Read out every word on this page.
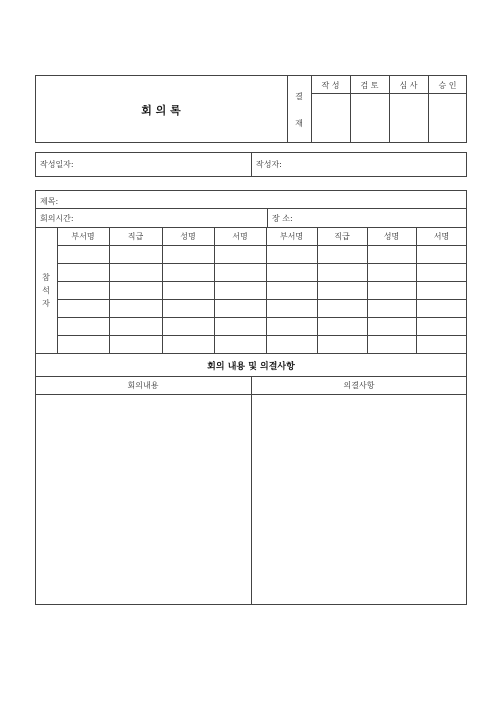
회 의 록
결
재
작 성	검 토	심 사	승 인
작성일자:	작성자:
제목:
회의시간:	장 소:
참
석
자
부서명	직급	성명	서명	부서명	직급	성명	서명
회의 내용 및 의결사항
회의내용	의결사항
